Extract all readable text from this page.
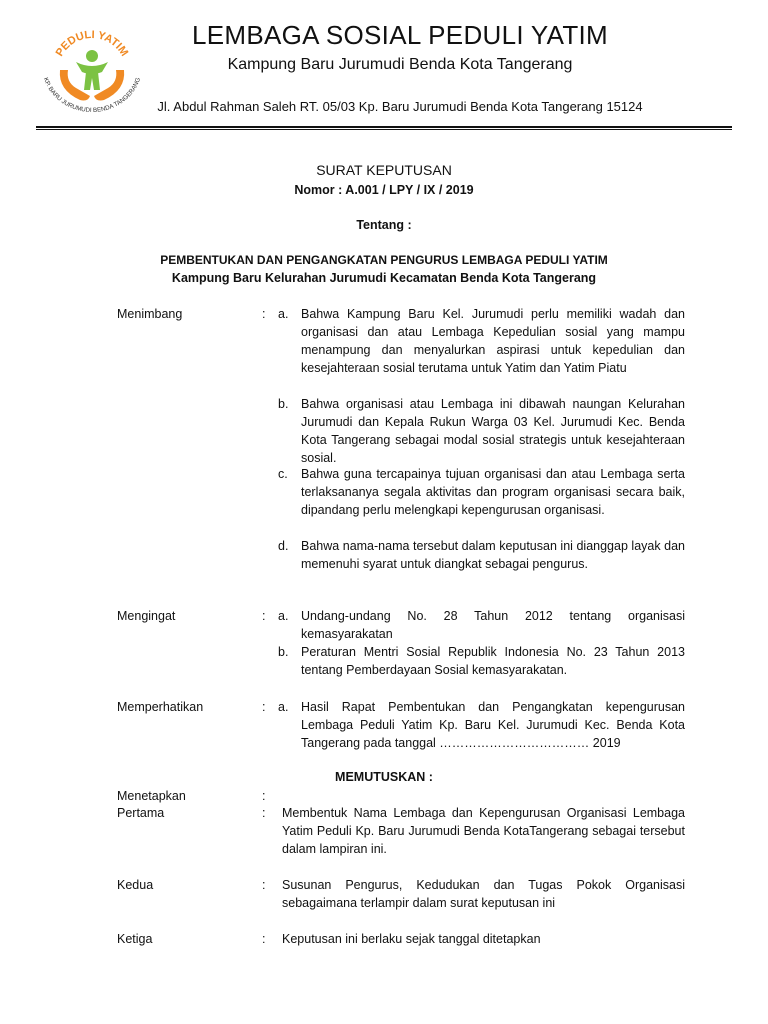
PEDULI YATIM
KP. BARU JURUMUDI BENDA TANGERANG
LEMBAGA SOSIAL PEDULI YATIM
Kampung Baru Jurumudi Benda Kota Tangerang
Jl. Abdul Rahman Saleh RT. 05/03 Kp. Baru Jurumudi Benda Kota Tangerang 15124
SURAT KEPUTUSAN
Nomor : A.001 / LPY / IX / 2019
Tentang :
PEMBENTUKAN DAN PENGANGKATAN PENGURUS LEMBAGA PEDULI YATIM
Kampung Baru Kelurahan Jurumudi Kecamatan Benda Kota Tangerang
Menimbang	: a. Bahwa Kampung Baru Kel. Jurumudi perlu memiliki wadah dan organisasi dan atau Lembaga Kepedulian sosial yang mampu menampung dan menyalurkan aspirasi untuk kepedulian dan kesejahteraan sosial terutama untuk Yatim dan Yatim Piatu
b. Bahwa organisasi atau Lembaga ini dibawah naungan Kelurahan Jurumudi dan Kepala Rukun Warga 03 Kel. Jurumudi Kec. Benda Kota Tangerang sebagai modal sosial strategis untuk kesejahteraan sosial.
c. Bahwa guna tercapainya tujuan organisasi dan atau Lembaga serta terlaksananya segala aktivitas dan program organisasi secara baik, dipandang perlu melengkapi kepengurusan organisasi.
d. Bahwa nama-nama tersebut dalam keputusan ini dianggap layak dan memenuhi syarat untuk diangkat sebagai pengurus.
Mengingat	: a. Undang-undang No. 28 Tahun 2012 tentang organisasi kemasyarakatan
b. Peraturan Mentri Sosial Republik Indonesia No. 23 Tahun 2013 tentang Pemberdayaan Sosial kemasyarakatan.
Memperhatikan	: a. Hasil Rapat Pembentukan dan Pengangkatan kepengurusan Lembaga Peduli Yatim Kp. Baru Kel. Jurumudi Kec. Benda Kota Tangerang pada tanggal ……………………………… 2019
MEMUTUSKAN :
Menetapkan	:
Pertama	: Membentuk Nama Lembaga dan Kepengurusan Organisasi Lembaga Yatim Peduli Kp. Baru Jurumudi Benda KotaTangerang sebagai tersebut dalam lampiran ini.
Kedua	: Susunan Pengurus, Kedudukan dan Tugas Pokok Organisasi sebagaimana terlampir dalam surat keputusan ini
Ketiga	: Keputusan ini berlaku sejak tanggal ditetapkan
